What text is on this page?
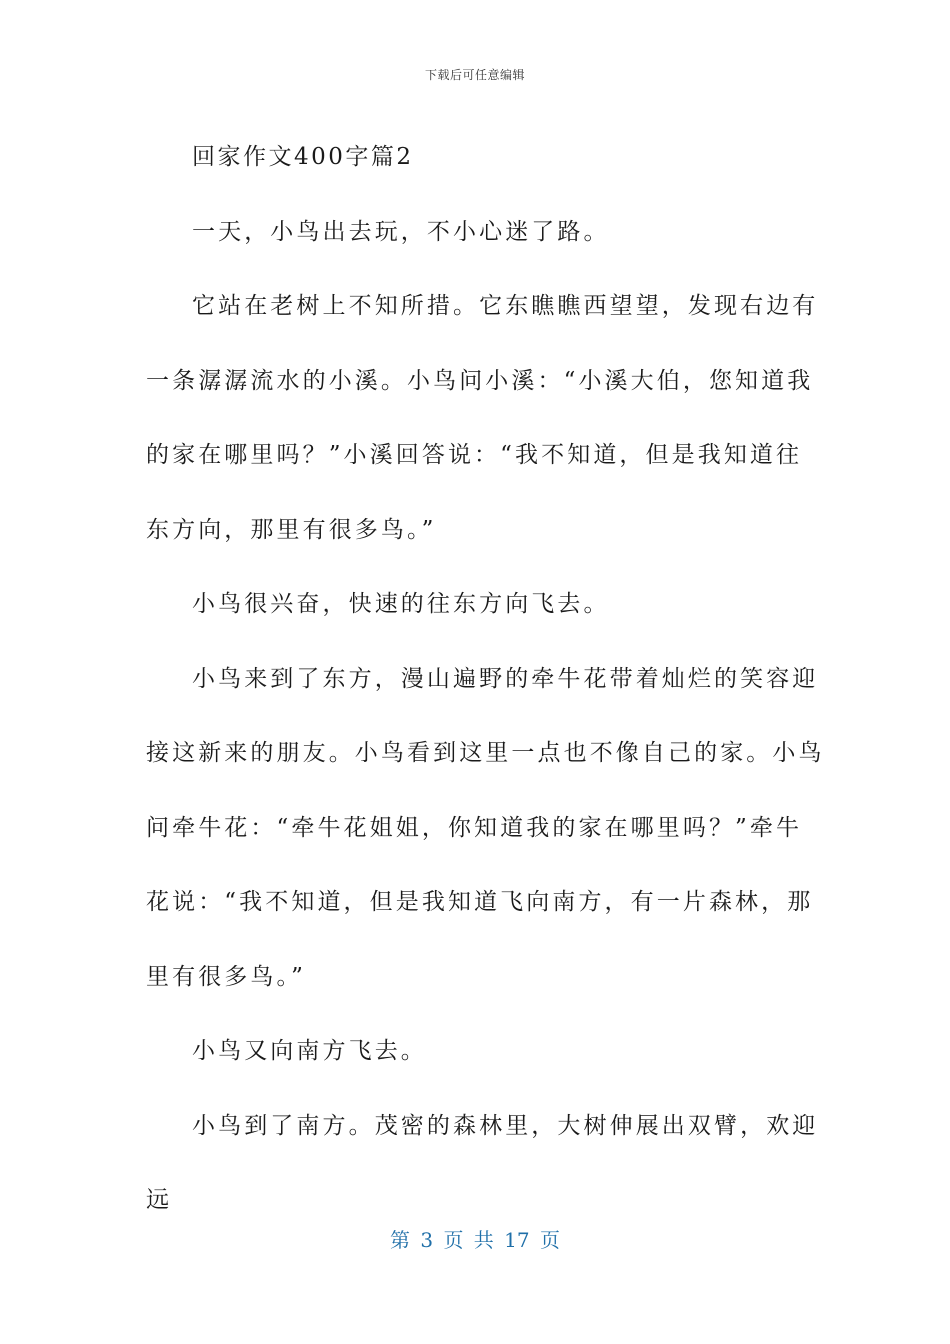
下载后可任意编辑

回家作文400字篇2

一天，小鸟出去玩，不小心迷了路。

它站在老树上不知所措。它东瞧瞧西望望，发现右边有一条潺潺流水的小溪。小鸟问小溪：“小溪大伯，您知道我的家在哪里吗？”小溪回答说：“我不知道，但是我知道往东方向，那里有很多鸟。”

小鸟很兴奋，快速的往东方向飞去。

小鸟来到了东方，漫山遍野的牵牛花带着灿烂的笑容迎接这新来的朋友。小鸟看到这里一点也不像自己的家。小鸟问牵牛花：“牵牛花姐姐，你知道我的家在哪里吗？”牵牛花说：“我不知道，但是我知道飞向南方，有一片森林，那里有很多鸟。”

小鸟又向南方飞去。

小鸟到了南方。茂密的森林里，大树伸展出双臂，欢迎远

第 3 页 共 17 页
